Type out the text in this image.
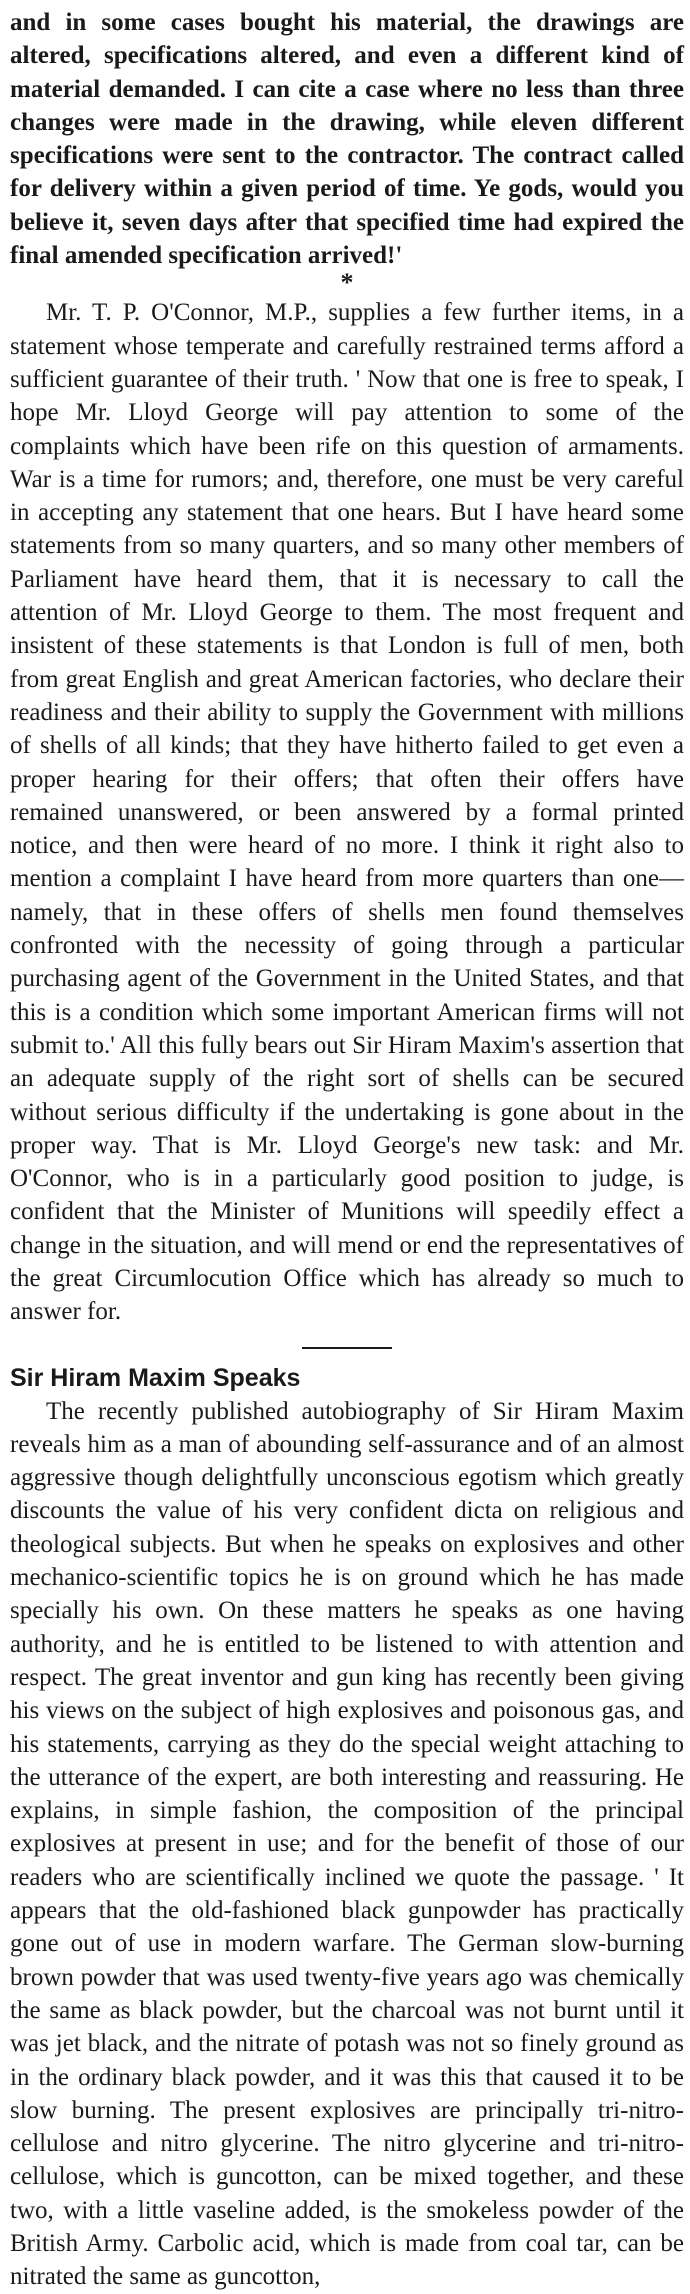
and in some cases bought his material, the drawings are altered, specifications altered, and even a different kind of material demanded. I can cite a case where no less than three changes were made in the drawing, while eleven different specifications were sent to the contractor. The contract called for delivery within a given period of time. Ye gods, would you believe it, seven days after that specified time had expired the final amended specification arrived!'

*

Mr. T. P. O'Connor, M.P., supplies a few further items, in a statement whose temperate and carefully restrained terms afford a sufficient guarantee of their truth. ' Now that one is free to speak, I hope Mr. Lloyd George will pay attention to some of the complaints which have been rife on this question of armaments. War is a time for rumors; and, therefore, one must be very careful in accepting any statement that one hears. But I have heard some statements from so many quarters, and so many other members of Parliament have heard them, that it is necessary to call the attention of Mr. Lloyd George to them. The most frequent and insistent of these statements is that London is full of men, both from great English and great American factories, who declare their readiness and their ability to supply the Government with millions of shells of all kinds; that they have hitherto failed to get even a proper hearing for their offers; that often their offers have remained unanswered, or been answered by a formal printed notice, and then were heard of no more. I think it right also to mention a complaint I have heard from more quarters than one—namely, that in these offers of shells men found themselves confronted with the necessity of going through a particular purchasing agent of the Government in the United States, and that this is a condition which some important American firms will not submit to.' All this fully bears out Sir Hiram Maxim's assertion that an adequate supply of the right sort of shells can be secured without serious difficulty if the undertaking is gone about in the proper way. That is Mr. Lloyd George's new task: and Mr. O'Connor, who is in a particularly good position to judge, is confident that the Minister of Munitions will speedily effect a change in the situation, and will mend or end the representatives of the great Circumlocution Office which has already so much to answer for.

Sir Hiram Maxim Speaks

The recently published autobiography of Sir Hiram Maxim reveals him as a man of abounding self-assurance and of an almost aggressive though delightfully unconscious egotism which greatly discounts the value of his very confident dicta on religious and theological subjects. But when he speaks on explosives and other mechanico-scientific topics he is on ground which he has made specially his own. On these matters he speaks as one having authority, and he is entitled to be listened to with attention and respect. The great inventor and gun king has recently been giving his views on the subject of high explosives and poisonous gas, and his statements, carrying as they do the special weight attaching to the utterance of the expert, are both interesting and reassuring. He explains, in simple fashion, the composition of the principal explosives at present in use; and for the benefit of those of our readers who are scientifically inclined we quote the passage. ' It appears that the old-fashioned black gunpowder has practically gone out of use in modern warfare. The German slow-burning brown powder that was used twenty-five years ago was chemically the same as black powder, but the charcoal was not burnt until it was jet black, and the nitrate of potash was not so finely ground as in the ordinary black powder, and it was this that caused it to be slow burning. The present explosives are principally tri-nitro-cellulose and nitro glycerine. The nitro glycerine and tri-nitro-cellulose, which is guncotton, can be mixed together, and these two, with a little vaseline added, is the smokeless powder of the British Army. Carbolic acid, which is made from coal tar, can be nitrated the same as guncotton,
